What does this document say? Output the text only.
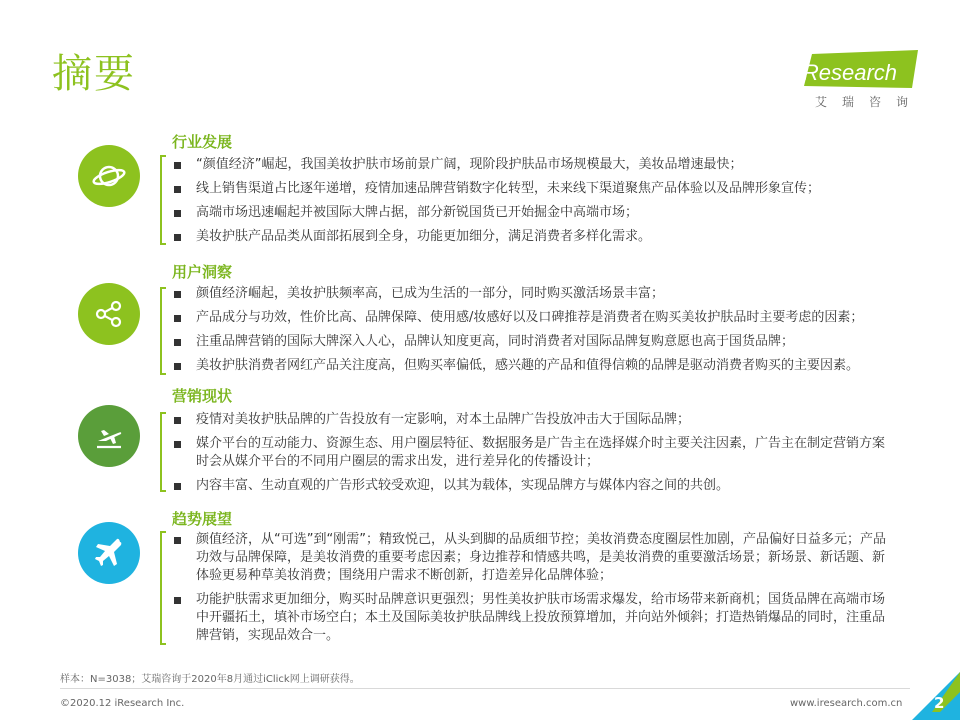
摘要	iResearch
艾瑞咨询
行业发展
“颜值经济”崛起，我国美妆护肤市场前景广阔，现阶段护肤品市场规模最大，美妆品增速最快；
线上销售渠道占比逐年递增，疫情加速品牌营销数字化转型，未来线下渠道聚焦产品体验以及品牌形象宣传；
高端市场迅速崛起并被国际大牌占据，部分新锐国货已开始掘金中高端市场；
美妆护肤产品品类从面部拓展到全身，功能更加细分，满足消费者多样化需求。
用户洞察
颜值经济崛起，美妆护肤频率高，已成为生活的一部分，同时购买激活场景丰富；
产品成分与功效，性价比高、品牌保障、使用感/妆感好以及口碑推荐是消费者在购买美妆护肤品时主要考虑的因素；
注重品牌营销的国际大牌深入人心，品牌认知度更高，同时消费者对国际品牌复购意愿也高于国货品牌；
美妆护肤消费者网红产品关注度高，但购买率偏低，感兴趣的产品和值得信赖的品牌是驱动消费者购买的主要因素。
营销现状
疫情对美妆护肤品牌的广告投放有一定影响，对本土品牌广告投放冲击大于国际品牌；
媒介平台的互动能力、资源生态、用户圈层特征、数据服务是广告主在选择媒介时主要关注因素，广告主在制定营销方案时会从媒介平台的不同用户圈层的需求出发，进行差异化的传播设计；
内容丰富、生动直观的广告形式较受欢迎，以其为载体，实现品牌方与媒体内容之间的共创。
趋势展望
颜值经济，从“可选”到“刚需”；精致悦己，从头到脚的品质细节控；美妆消费态度圈层性加剧，产品偏好日益多元；产品功效与品牌保障，是美妆消费的重要考虑因素；身边推荐和情感共鸣，是美妆消费的重要激活场景；新场景、新话题、新体验更易种草美妆消费；围绕用户需求不断创新，打造差异化品牌体验；
功能护肤需求更加细分，购买时品牌意识更强烈；男性美妆护肤市场需求爆发，给市场带来新商机；国货品牌在高端市场中开疆拓土，填补市场空白；本土及国际美妆护肤品牌线上投放预算增加，并向站外倾斜；打造热销爆品的同时，注重品牌营销，实现品效合一。
样本：N=3038；艾瑞咨询于2020年8月通过iClick网上调研获得。
©2020.12 iResearch Inc.	www.iresearch.com.cn 2
